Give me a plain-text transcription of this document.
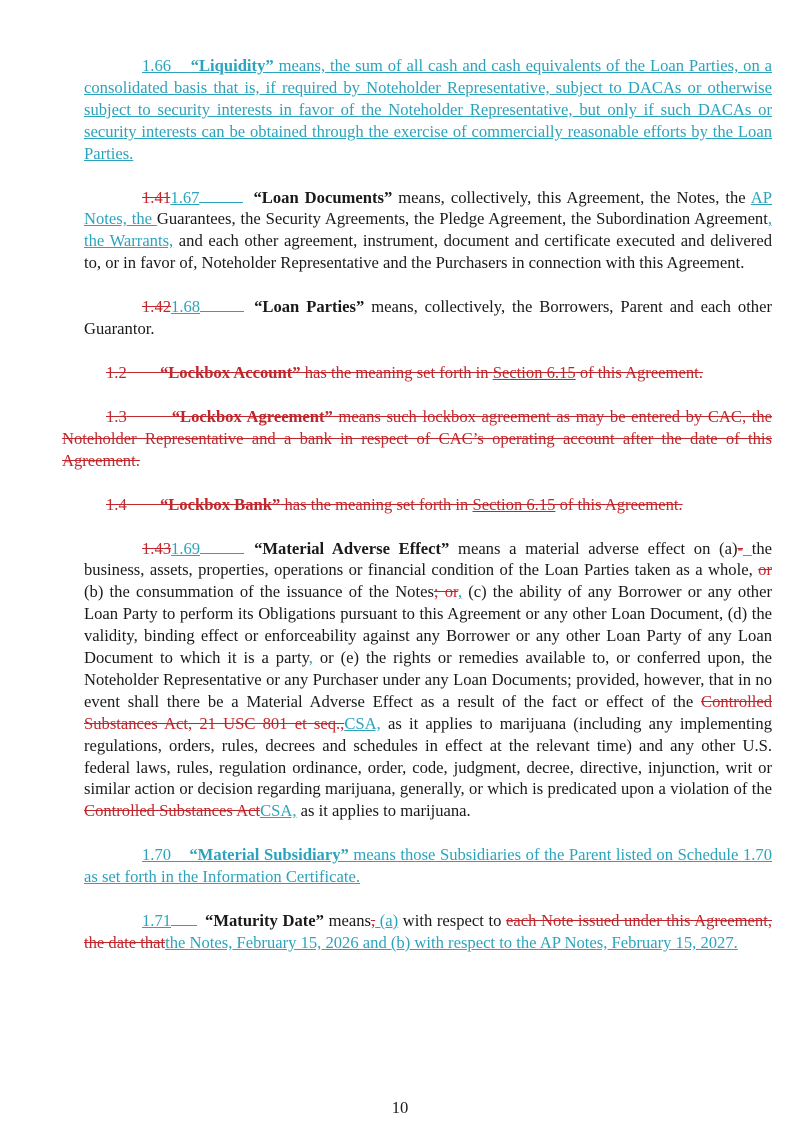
1.66 “Liquidity” means, the sum of all cash and cash equivalents of the Loan Parties, on a consolidated basis that is, if required by Noteholder Representative, subject to DACAs or otherwise subject to security interests in favor of the Noteholder Representative, but only if such DACAs or security interests can be obtained through the exercise of commercially reasonable efforts by the Loan Parties.

1.411.67	“Loan Documents” means, collectively, this Agreement, the Notes, the AP Notes, the Guarantees, the Security Agreements, the Pledge Agreement, the Subordination Agreement, the Warrants, and each other agreement, instrument, document and certificate executed and delivered to, or in favor of, Noteholder Representative and the Purchasers in connection with this Agreement.

1.421.68	“Loan Parties” means, collectively, the Borrowers, Parent and each other Guarantor.

1.2 “Lockbox Account” has the meaning set forth in Section 6.15 of this Agreement.

1.3	“Lockbox Agreement” means such lockbox agreement as may be entered by CAC, the Noteholder Representative and a bank in respect of CAC’s operating account after the date of this Agreement.

1.4 “Lockbox Bank” has the meaning set forth in Section 6.15 of this Agreement.

1.431.69	“Material Adverse Effect” means a material adverse effect on (a)- the business, assets, properties, operations or financial condition of the Loan Parties taken as a whole, or (b) the consummation of the issuance of the Notes; or, (c) the ability of any Borrower or any other Loan Party to perform its Obligations pursuant to this Agreement or any other Loan Document, (d) the validity, binding effect or enforceability against any Borrower or any other Loan Party of any Loan Document to which it is a party, or (e) the rights or remedies available to, or conferred upon, the Noteholder Representative or any Purchaser under any Loan Documents; provided, however, that in no event shall there be a Material Adverse Effect as a result of the fact or effect of the Controlled Substances Act, 21 USC 801 et seq.,CSA, as it applies to marijuana (including any implementing regulations, orders, rules, decrees and schedules in effect at the relevant time) and any other U.S. federal laws, rules, regulation ordinance, order, code, judgment, decree, directive, injunction, writ or similar action or decision regarding marijuana, generally, or which is predicated upon a violation of the Controlled Substances ActCSA, as it applies to marijuana.

1.70 “Material Subsidiary” means those Subsidiaries of the Parent listed on Schedule 1.70 as set forth in the Information Certificate.

1.71 “Maturity Date” means, (a) with respect to each Note issued under this Agreement, the date thatthe Notes, February 15, 2026 and (b) with respect to the AP Notes, February 15, 2027.

10
